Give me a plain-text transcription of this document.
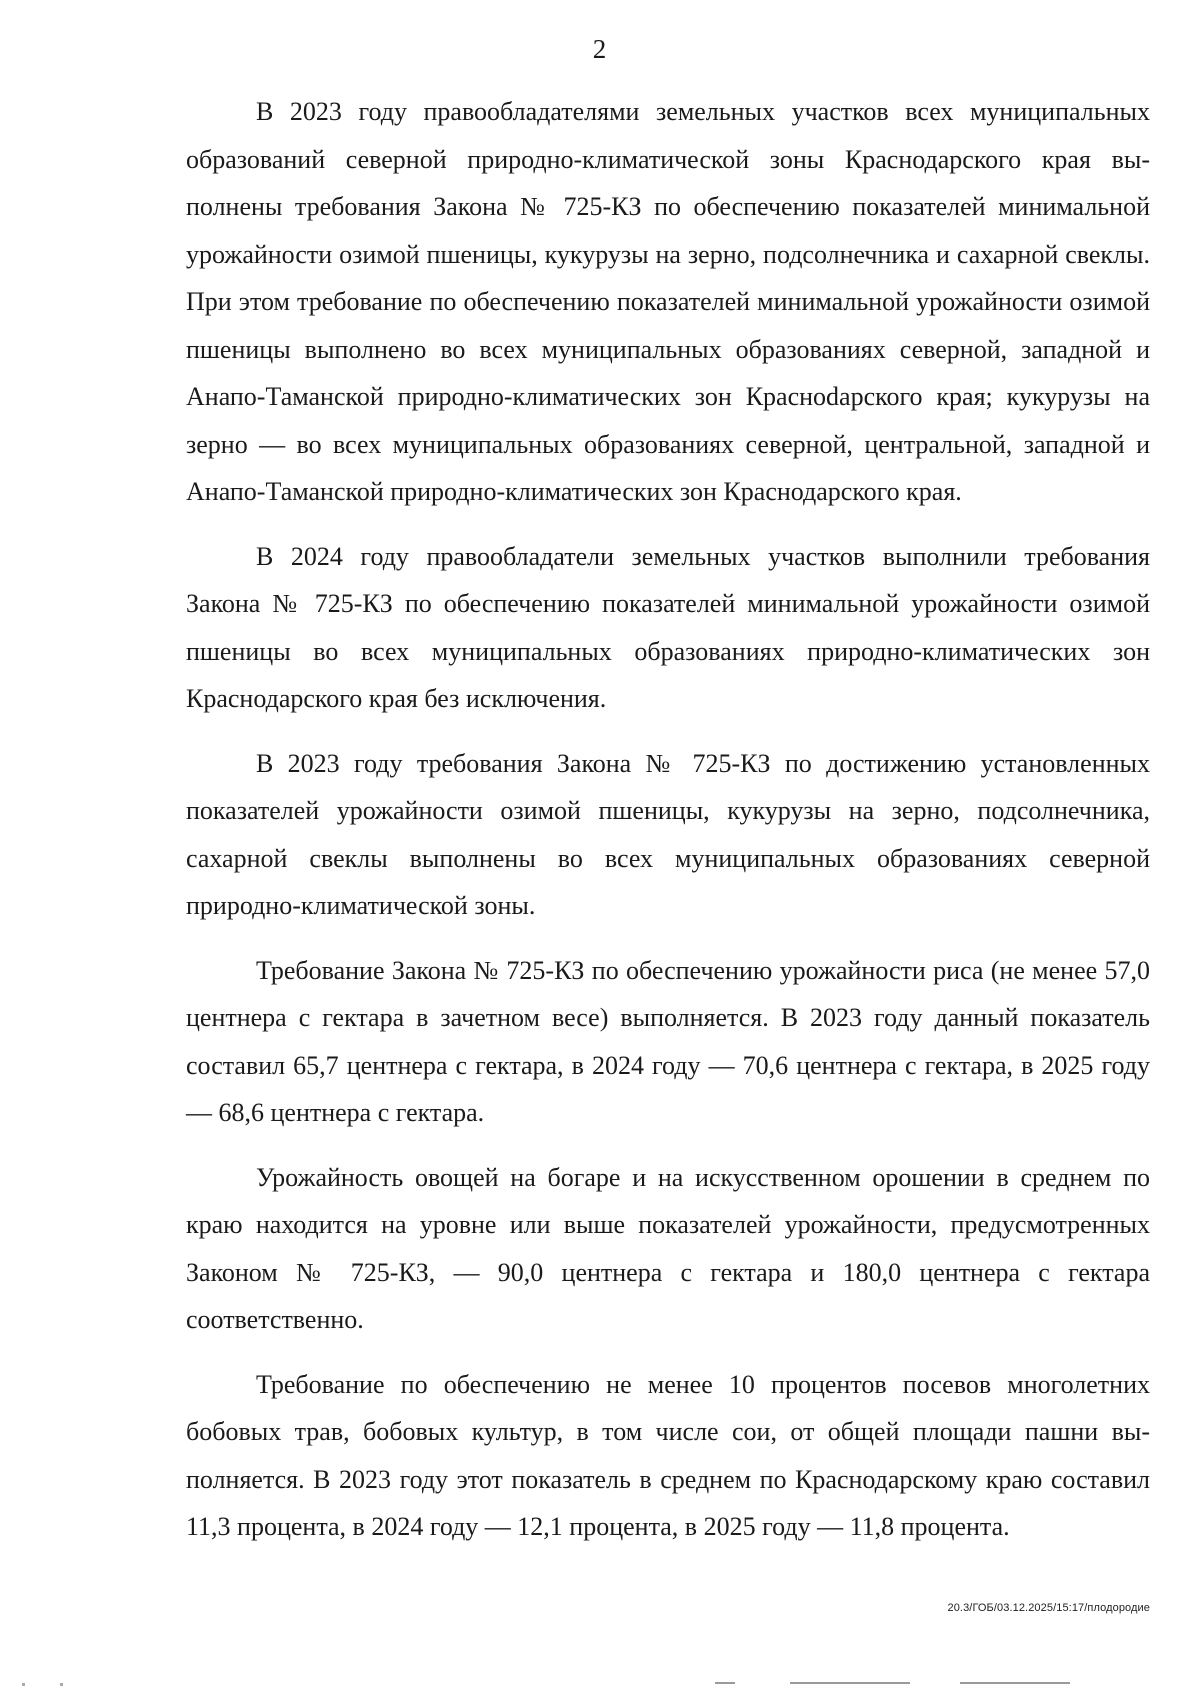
2

В 2023 году правообладателями земельных участков всех муниципальных образований северной природно-климатической зоны Краснодарского края выполнены требования Закона № 725-КЗ по обеспечению показателей минимальной урожайности озимой пшеницы, кукурузы на зерно, подсолнечника и сахарной свеклы. При этом требование по обеспечению показателей минимальной урожайности озимой пшеницы выполнено во всех муниципальных образованиях северной, западной и Анапо-Таманской природно-климатических зон Красноdарского края; кукурузы на зерно — во всех муниципальных образованиях северной, центральной, западной и Анапо-Таманской природно-климатических зон Краснодарского края.

В 2024 году правообладатели земельных участков выполнили требования Закона № 725-КЗ по обеспечению показателей минимальной урожайности озимой пшеницы во всех муниципальных образованиях природно-климатических зон Краснодарского края без исключения.

В 2023 году требования Закона № 725-КЗ по достижению установленных показателей урожайности озимой пшеницы, кукурузы на зерно, подсолнечника, сахарной свеклы выполнены во всех муниципальных образованиях северной природно-климатической зоны.

Требование Закона № 725-КЗ по обеспечению урожайности риса (не менее 57,0 центнера с гектара в зачетном весе) выполняется. В 2023 году данный показатель составил 65,7 центнера с гектара, в 2024 году — 70,6 центнера с гектара, в 2025 году — 68,6 центнера с гектара.

Урожайность овощей на богаре и на искусственном орошении в среднем по краю находится на уровне или выше показателей урожайности, предусмотренных Законом № 725-КЗ, — 90,0 центнера с гектара и 180,0 центнера с гектара соответственно.

Требование по обеспечению не менее 10 процентов посевов многолетних бобовых трав, бобовых культур, в том числе сои, от общей площади пашни выполняется. В 2023 году этот показатель в среднем по Краснодарскому краю составил 11,3 процента, в 2024 году — 12,1 процента, в 2025 году — 11,8 процента.

20.3/ГОБ/03.12.2025/15:17/плодородие
